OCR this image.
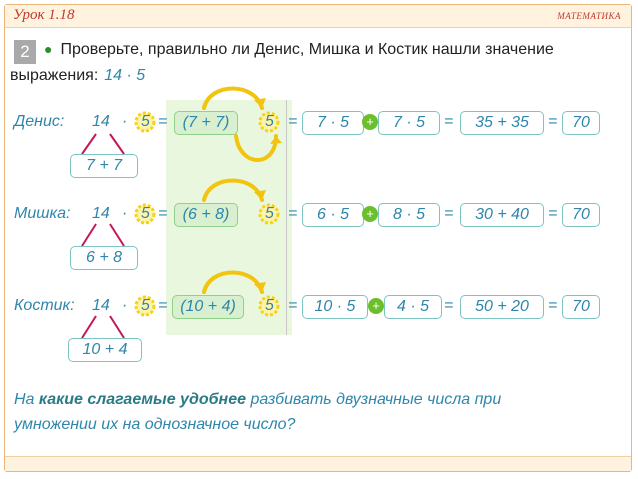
Урок 1.18	МАТЕМАТИКА
2	● Проверьте, правильно ли Денис, Мишка и Костик нашли значение
выражения: 14 · 5
Денис: 14 · 5 = (7 + 7)	5 =	7 · 5	+	7 · 5	=	35 + 35	= 70
7 + 7
Мишка: 14 · 5 = (6 + 8)	5 =	6 · 5	+	8 · 5	=	30 + 40	= 70
6 + 8
Костик: 14 · 5 = (10 + 4)	5 =	10 · 5	+	4 · 5 =	50 + 20	= 70
10 + 4
На какие слагаемые удобнее разбивать двузначные числа при
умножении их на однозначное число?
